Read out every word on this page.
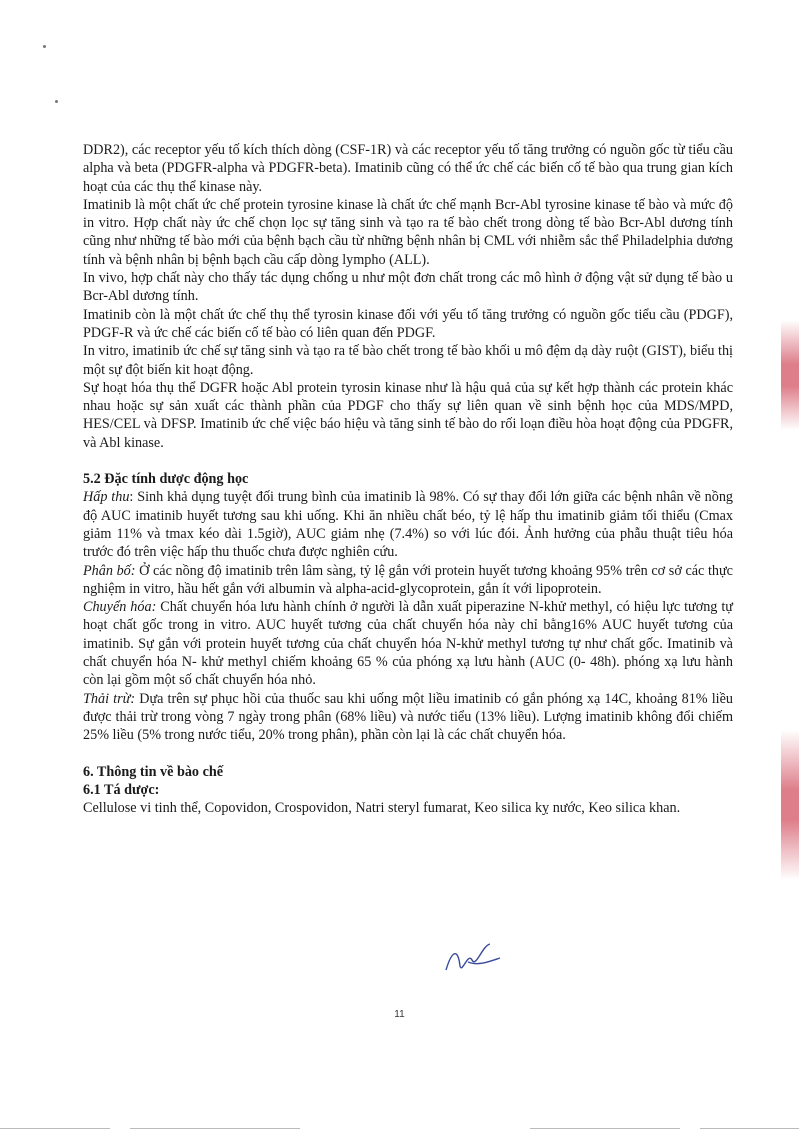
DDR2), các receptor yếu tố kích thích dòng (CSF-1R) và các receptor yếu tố tăng trưởng có nguồn gốc từ tiểu cầu alpha và beta (PDGFR-alpha và PDGFR-beta). Imatinib cũng có thể ức chế các biến cố tế bào qua trung gian kích hoạt của các thụ thể kinase này.

Imatinib là một chất ức chế protein tyrosine kinase là chất ức chế mạnh Bcr-Abl tyrosine kinase tế bào và mức độ in vitro. Hợp chất này ức chế chọn lọc sự tăng sinh và tạo ra tế bào chết trong dòng tế bào Bcr-Abl dương tính cũng như những tế bào mới của bệnh bạch cầu từ những bệnh nhân bị CML với nhiễm sắc thể Philadelphia dương tính và bệnh nhân bị bệnh bạch cầu cấp dòng lympho (ALL).

In vivo, hợp chất này cho thấy tác dụng chống u như một đơn chất trong các mô hình ở động vật sử dụng tế bào u Bcr-Abl dương tính.

Imatinib còn là một chất ức chế thụ thể tyrosin kinase đối với yếu tố tăng trưởng có nguồn gốc tiểu cầu (PDGF), PDGF-R và ức chế các biến cố tế bào có liên quan đến PDGF.

In vitro, imatinib ức chế sự tăng sinh và tạo ra tế bào chết trong tế bào khối u mô đệm dạ dày ruột (GIST), biểu thị một sự đột biến kit hoạt động.

Sự hoạt hóa thụ thể DGFR hoặc Abl protein tyrosin kinase như là hậu quả của sự kết hợp thành các protein khác nhau hoặc sự sản xuất các thành phần của PDGF cho thấy sự liên quan về sinh bệnh học của MDS/MPD, HES/CEL và DFSP. Imatinib ức chế việc báo hiệu và tăng sinh tế bào do rối loạn điều hòa hoạt động của PDGFR, và Abl kinase.

5.2 Đặc tính dược động học

Hấp thu: Sinh khả dụng tuyệt đối trung bình của imatinib là 98%. Có sự thay đổi lớn giữa các bệnh nhân về nồng độ AUC imatinib huyết tương sau khi uống. Khi ăn nhiều chất béo, tỷ lệ hấp thu imatinib giảm tối thiểu (Cmax giảm 11% và tmax kéo dài 1.5giờ), AUC giảm nhẹ (7.4%) so với lúc đói. Ảnh hưởng của phẫu thuật tiêu hóa trước đó trên việc hấp thu thuốc chưa được nghiên cứu.

Phân bố: Ở các nồng độ imatinib trên lâm sàng, tỷ lệ gắn với protein huyết tương khoảng 95% trên cơ sở các thực nghiệm in vitro, hầu hết gắn với albumin và alpha-acid-glycoprotein, gắn ít với lipoprotein.

Chuyển hóa: Chất chuyển hóa lưu hành chính ở người là dẫn xuất piperazine N-khử methyl, có hiệu lực tương tự hoạt chất gốc trong in vitro. AUC huyết tương của chất chuyển hóa này chỉ bằng16% AUC huyết tương của imatinib. Sự gắn với protein huyết tương của chất chuyển hóa N-khử methyl tương tự như chất gốc. Imatinib và chất chuyển hóa N- khử methyl chiếm khoảng 65 % của phóng xạ lưu hành (AUC (0- 48h). phóng xạ lưu hành còn lại gồm một số chất chuyển hóa nhỏ.

Thải trừ: Dựa trên sự phục hồi của thuốc sau khi uống một liều imatinib có gắn phóng xạ 14C, khoảng 81% liều được thải trừ trong vòng 7 ngày trong phân (68% liều) và nước tiểu (13% liều). Lượng imatinib không đổi chiếm 25% liều (5% trong nước tiểu, 20% trong phân), phần còn lại là các chất chuyển hóa.

6. Thông tin về bào chế

6.1 Tá dược:

Cellulose vi tinh thể, Copovidon, Crospovidon, Natri steryl fumarat, Keo silica kỵ nước, Keo silica khan.

11
